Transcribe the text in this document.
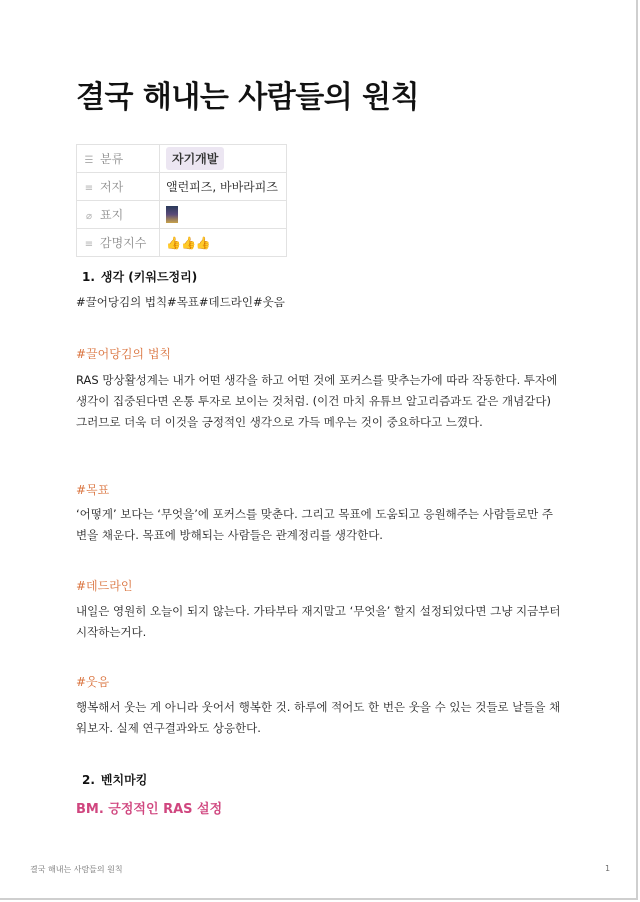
결국 해내는 사람들의 원칙
☰ 분류	자기개발
≡ 저자	앨런피즈, 바바라피즈
⌀ 표지	
≡ 감명지수	👍👍👍
1. 생각 (키워드정리)
#끌어당김의 법칙#목표#데드라인#웃음
#끌어당김의 법칙
RAS 망상활성계는 내가 어떤 생각을 하고 어떤 것에 포커스를 맞추는가에 따라 작동한다. 투자에 생각이 집중된다면 온통 투자로 보이는 것처럼. (이건 마치 유튜브 알고리즘과도 같은 개념같다) 그러므로 더욱 더 이것을 긍정적인 생각으로 가득 메우는 것이 중요하다고 느꼈다.
#목표
‘어떻게’ 보다는 ‘무엇을’에 포커스를 맞춘다. 그리고 목표에 도움되고 응원해주는 사람들로만 주변을 채운다. 목표에 방해되는 사람들은 관계정리를 생각한다.
#데드라인
내일은 영원히 오늘이 되지 않는다. 가타부타 재지말고 ‘무엇을’ 할지 설정되었다면 그냥 지금부터 시작하는거다.
#웃음
행복해서 웃는 게 아니라 웃어서 행복한 것. 하루에 적어도 한 번은 웃을 수 있는 것들로 날들을 채워보자. 실제 연구결과와도 상응한다.
2. 벤치마킹
BM. 긍정적인 RAS 설정
결국 해내는 사람들의 원칙	1
